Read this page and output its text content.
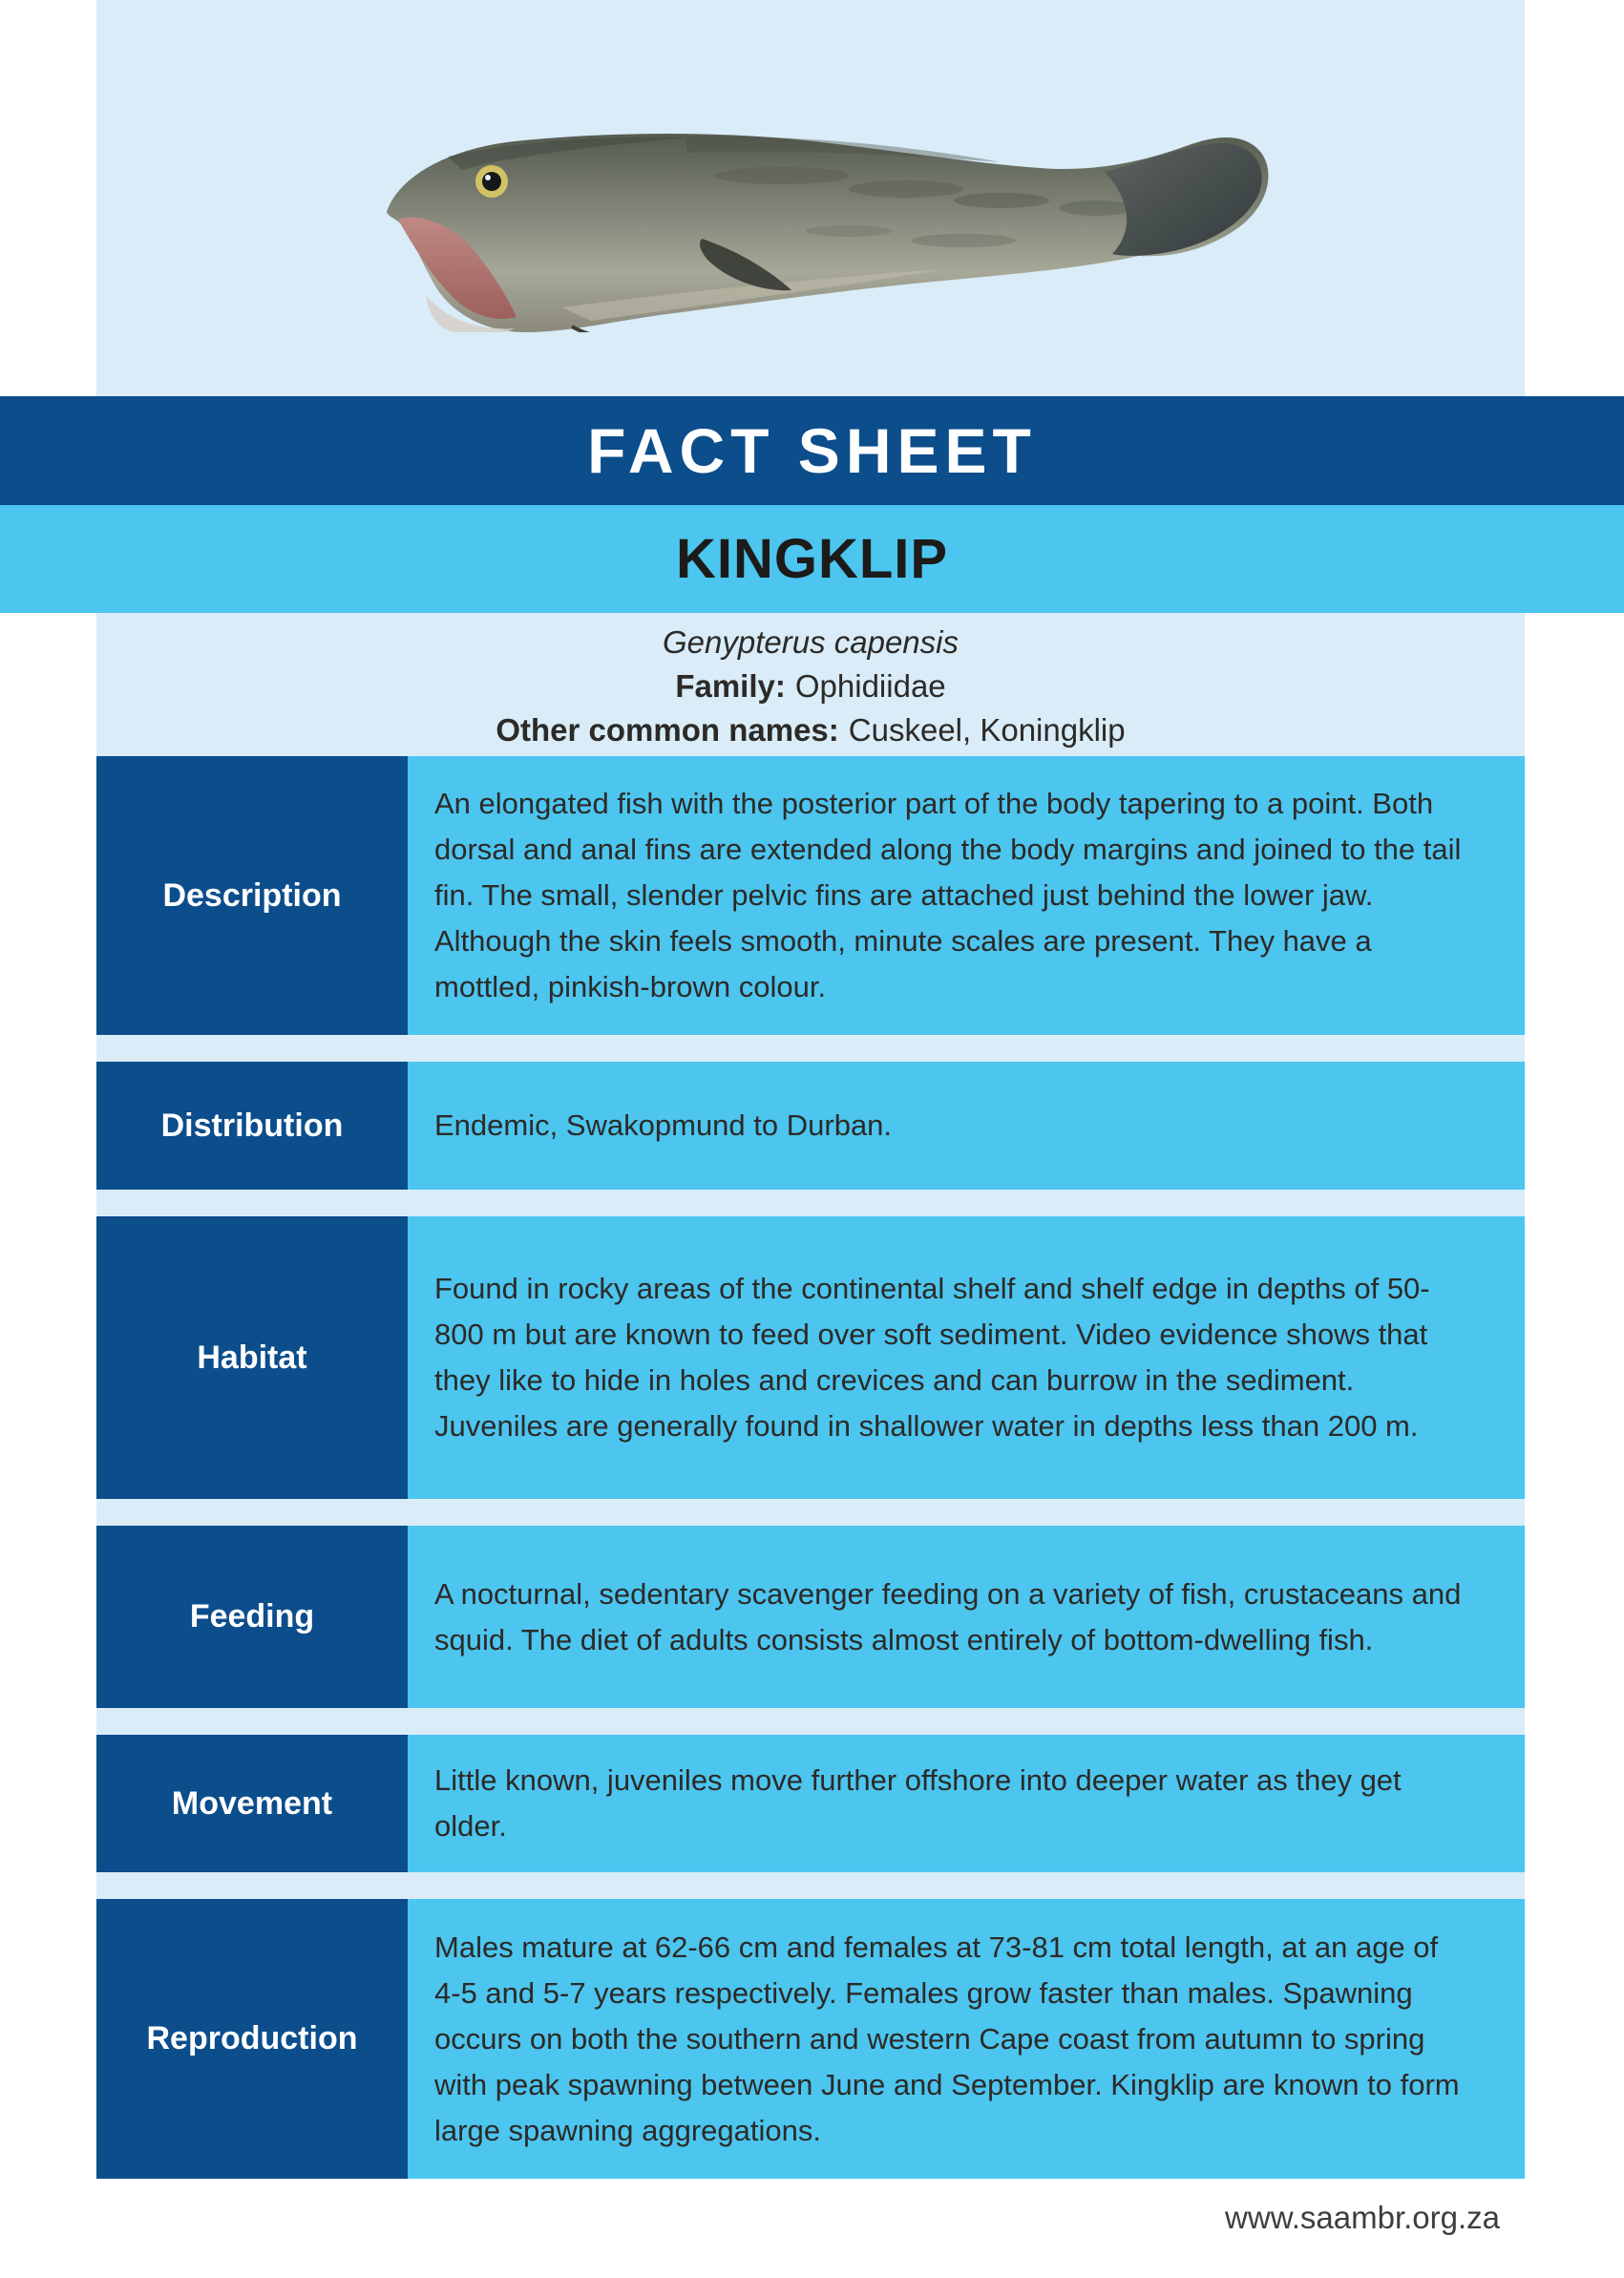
FACT SHEET
KINGKLIP
Genypterus capensis
Family: Ophidiidae
Other common names: Cuskeel, Koningklip
Description
An elongated fish with the posterior part of the body tapering to a point. Both dorsal and anal fins are extended along the body margins and joined to the tail fin. The small, slender pelvic fins are attached just behind the lower jaw. Although the skin feels smooth, minute scales are present. They have a mottled, pinkish-brown colour.
Distribution	Endemic, Swakopmund to Durban.
Habitat
Found in rocky areas of the continental shelf and shelf edge in depths of 50-800 m but are known to feed over soft sediment. Video evidence shows that they like to hide in holes and crevices and can burrow in the sediment. Juveniles are generally found in shallower water in depths less than 200 m.
Feeding
A nocturnal, sedentary scavenger feeding on a variety of fish, crustaceans and squid. The diet of adults consists almost entirely of bottom-dwelling fish.
Movement
Little known, juveniles move further offshore into deeper water as they get older.
Reproduction
Males mature at 62-66 cm and females at 73-81 cm total length, at an age of 4-5 and 5-7 years respectively. Females grow faster than males. Spawning occurs on both the southern and western Cape coast from autumn to spring with peak spawning between June and September. Kingklip are known to form large spawning aggregations.
www.saambr.org.za
